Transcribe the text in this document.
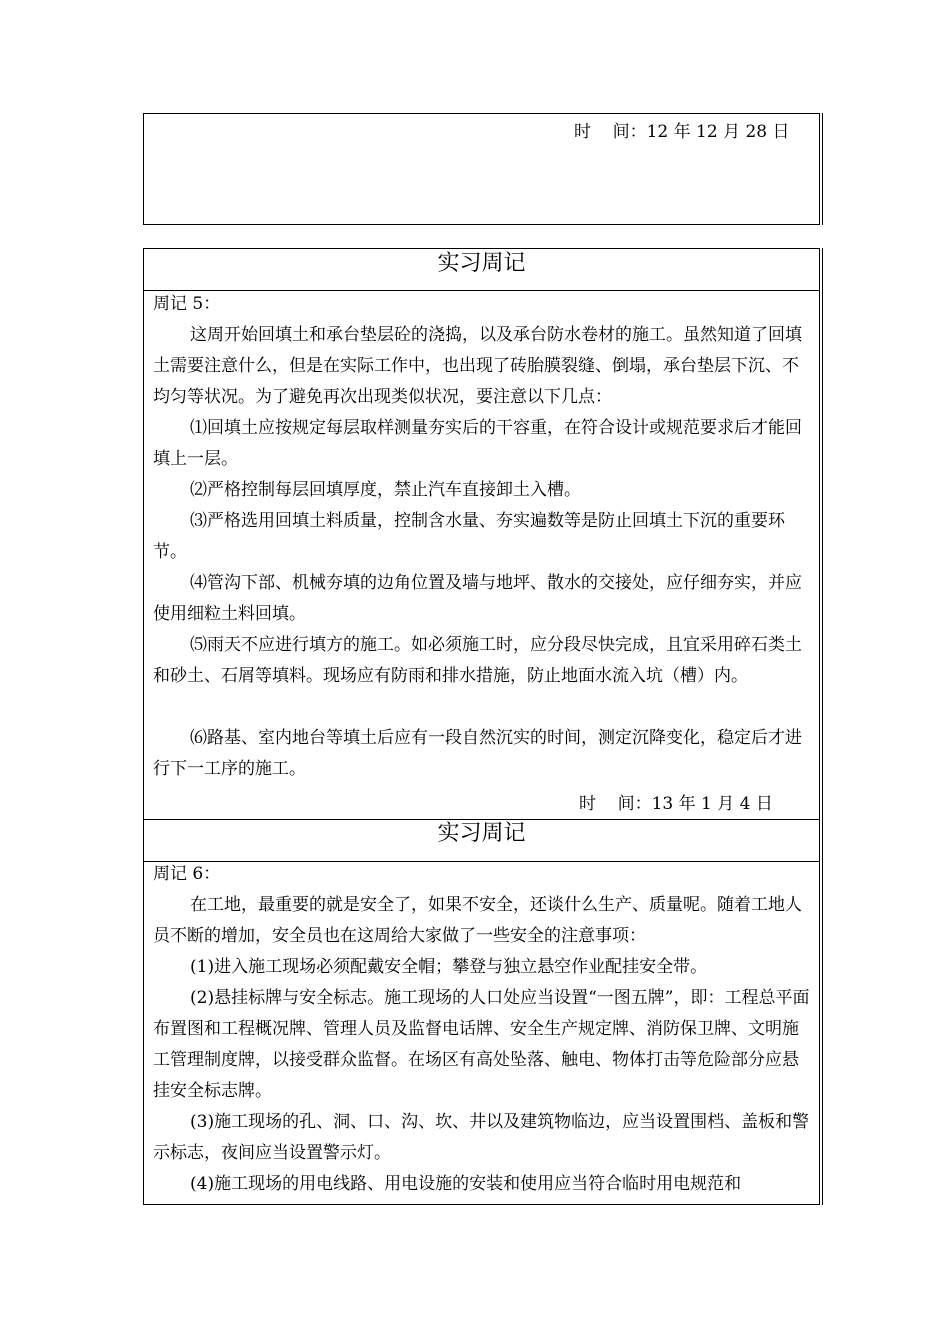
时    间：12 年 12 月 28 日
实习周记

周记 5：

这周开始回填土和承台垫层砼的浇捣，以及承台防水卷材的施工。虽然知道了回填土需要注意什么，但是在实际工作中，也出现了砖胎膜裂缝、倒塌，承台垫层下沉、不均匀等状况。为了避免再次出现类似状况，要注意以下几点：

⑴回填土应按规定每层取样测量夯实后的干容重，在符合设计或规范要求后才能回填上一层。

⑵严格控制每层回填厚度，禁止汽车直接卸土入槽。

⑶严格选用回填土料质量，控制含水量、夯实遍数等是防止回填土下沉的重要环节。

⑷管沟下部、机械夯填的边角位置及墙与地坪、散水的交接处，应仔细夯实，并应使用细粒土料回填。

⑸雨天不应进行填方的施工。如必须施工时，应分段尽快完成，且宜采用碎石类土和砂土、石屑等填料。现场应有防雨和排水措施，防止地面水流入坑（槽）内。

⑹路基、室内地台等填土后应有一段自然沉实的时间，测定沉降变化，稳定后才进行下一工序的施工。

时    间：13 年 1 月 4 日
实习周记

周记 6：

在工地，最重要的就是安全了，如果不安全，还谈什么生产、质量呢。随着工地人员不断的增加，安全员也在这周给大家做了一些安全的注意事项：

(1)进入施工现场必须配戴安全帽；攀登与独立悬空作业配挂安全带。

(2)悬挂标牌与安全标志。施工现场的人口处应当设置“一图五牌”，即：工程总平面布置图和工程概况牌、管理人员及监督电话牌、安全生产规定牌、消防保卫牌、文明施工管理制度牌，以接受群众监督。在场区有高处坠落、触电、物体打击等危险部分应悬挂安全标志牌。

(3)施工现场的孔、洞、口、沟、坎、井以及建筑物临边，应当设置围档、盖板和警示标志，夜间应当设置警示灯。

(4)施工现场的用电线路、用电设施的安装和使用应当符合临时用电规范和
